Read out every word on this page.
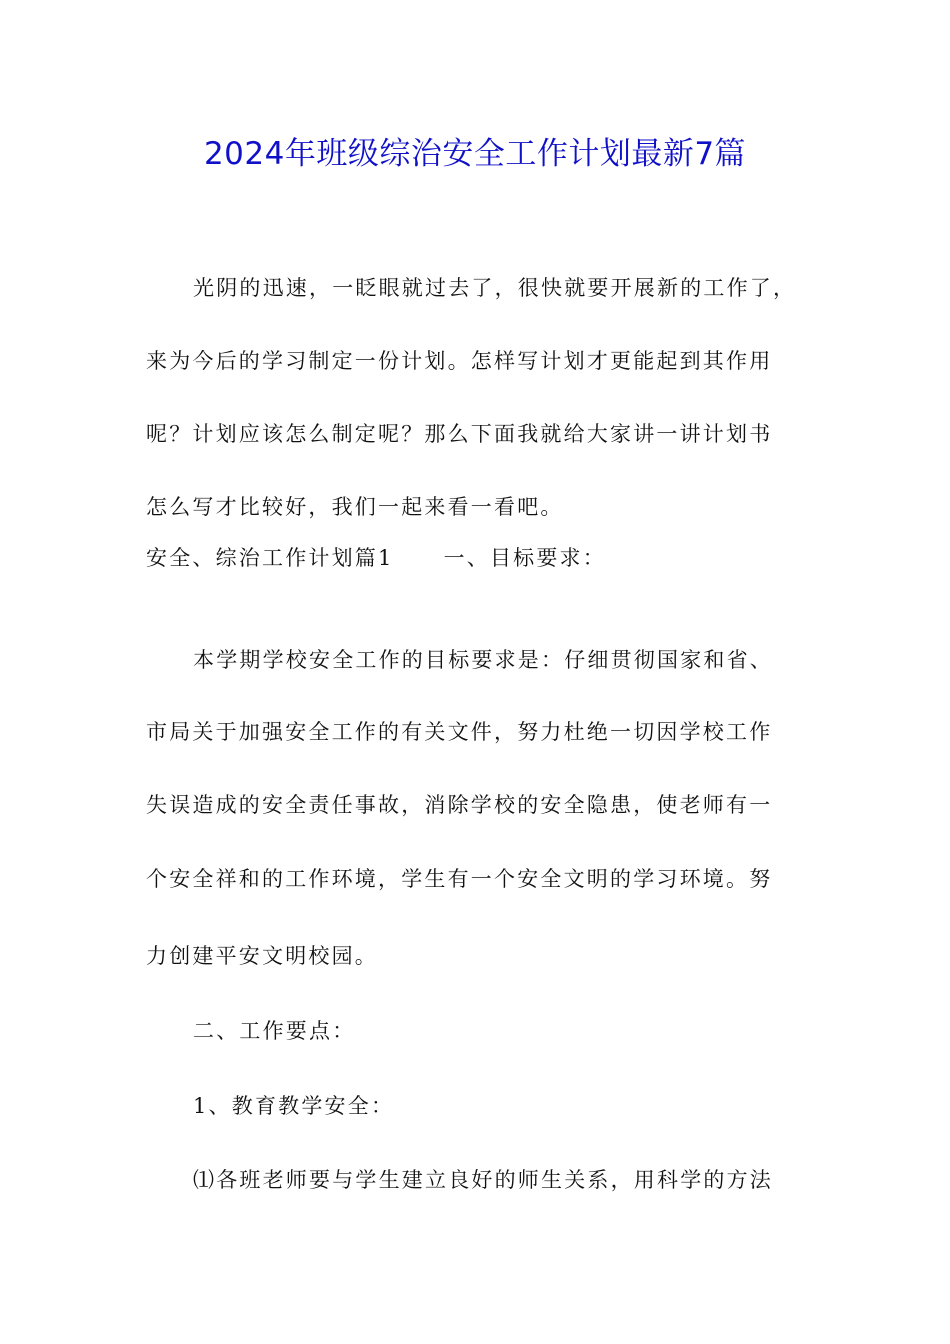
2024年班级综治安全工作计划最新7篇
光阴的迅速，一眨眼就过去了，很快就要开展新的工作了，
来为今后的学习制定一份计划。怎样写计划才更能起到其作用
呢？计划应该怎么制定呢？那么下面我就给大家讲一讲计划书
怎么写才比较好，我们一起来看一看吧。
安全、综治工作计划篇1 一、目标要求：
本学期学校安全工作的目标要求是：仔细贯彻国家和省、
市局关于加强安全工作的有关文件，努力杜绝一切因学校工作
失误造成的安全责任事故，消除学校的安全隐患，使老师有一
个安全祥和的工作环境，学生有一个安全文明的学习环境。努
力创建平安文明校园。
二、工作要点：
1、教育教学安全：
⑴各班老师要与学生建立良好的师生关系，用科学的方法
